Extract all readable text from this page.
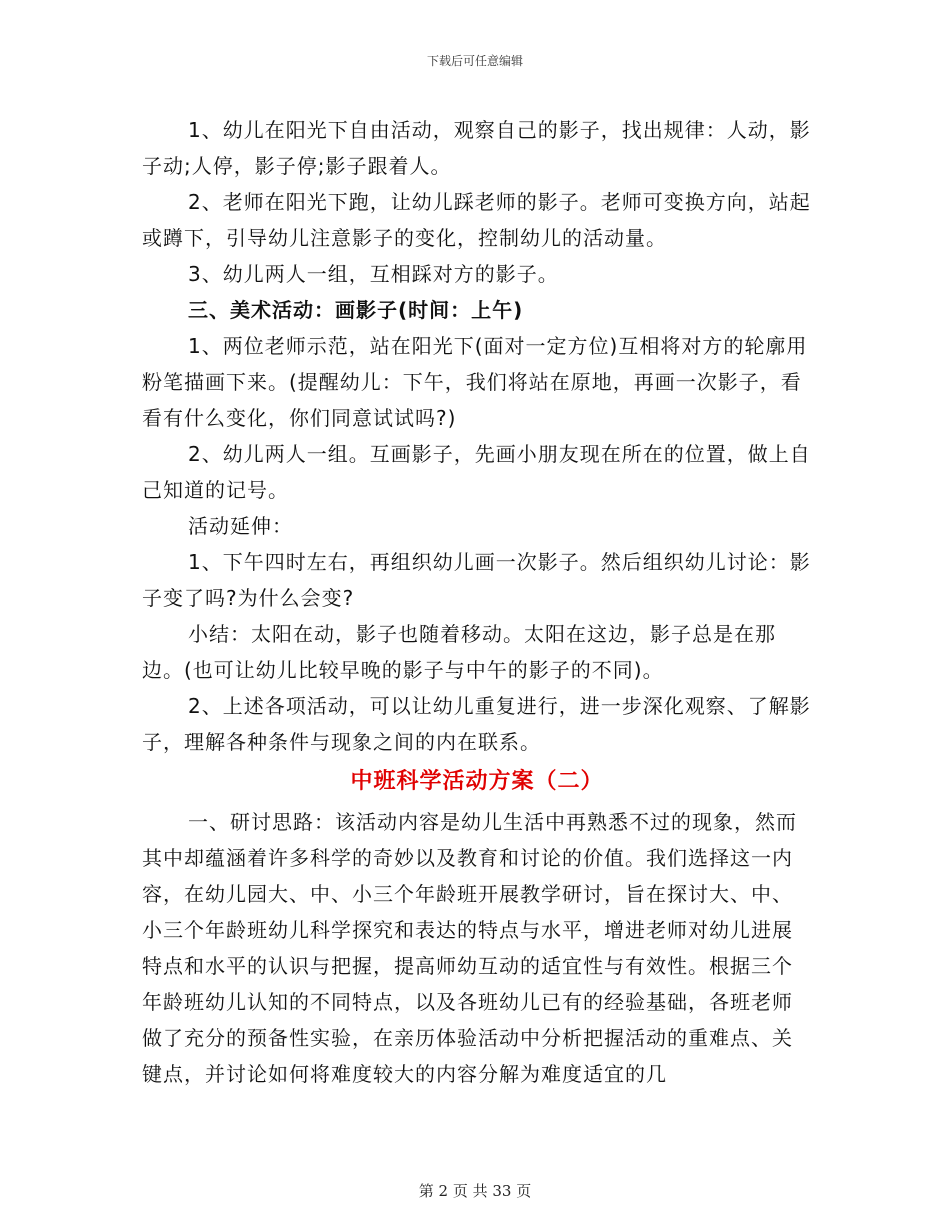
下载后可任意编辑

1、幼儿在阳光下自由活动，观察自己的影子，找出规律：人动，影子动;人停，影子停;影子跟着人。

2、老师在阳光下跑，让幼儿踩老师的影子。老师可变换方向，站起或蹲下，引导幼儿注意影子的变化，控制幼儿的活动量。

3、幼儿两人一组，互相踩对方的影子。

三、美术活动：画影子(时间：上午)

1、两位老师示范，站在阳光下(面对一定方位)互相将对方的轮廓用粉笔描画下来。(提醒幼儿：下午，我们将站在原地，再画一次影子，看看有什么变化，你们同意试试吗?)

2、幼儿两人一组。互画影子，先画小朋友现在所在的位置，做上自己知道的记号。

活动延伸：

1、下午四时左右，再组织幼儿画一次影子。然后组织幼儿讨论：影子变了吗?为什么会变?

小结：太阳在动，影子也随着移动。太阳在这边，影子总是在那边。(也可让幼儿比较早晚的影子与中午的影子的不同)。

2、上述各项活动，可以让幼儿重复进行，进一步深化观察、了解影子，理解各种条件与现象之间的内在联系。

中班科学活动方案（二）

一、研讨思路：该活动内容是幼儿生活中再熟悉不过的现象，然而其中却蕴涵着许多科学的奇妙以及教育和讨论的价值。我们选择这一内容，在幼儿园大、中、小三个年龄班开展教学研讨，旨在探讨大、中、小三个年龄班幼儿科学探究和表达的特点与水平，增进老师对幼儿进展特点和水平的认识与把握，提高师幼互动的适宜性与有效性。根据三个年龄班幼儿认知的不同特点，以及各班幼儿已有的经验基础，各班老师做了充分的预备性实验，在亲历体验活动中分析把握活动的重难点、关键点，并讨论如何将难度较大的内容分解为难度适宜的几

第 2 页 共 33 页
